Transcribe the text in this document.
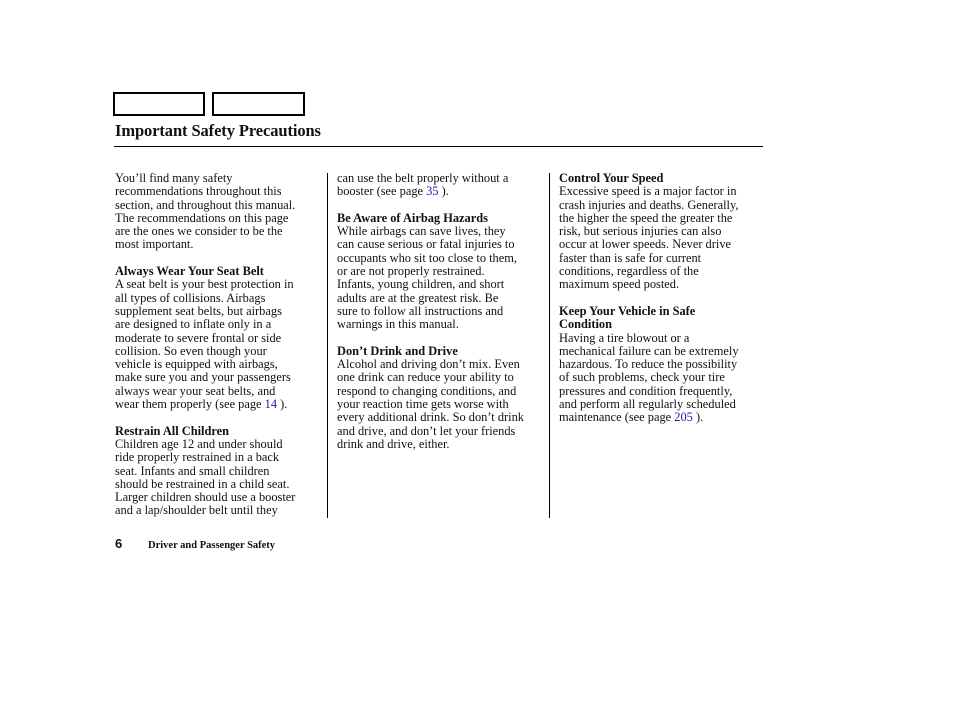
Important Safety Precautions
You’ll find many safety
recommendations throughout this
section, and throughout this manual.
The recommendations on this page
are the ones we consider to be the
most important.
Always Wear Your Seat Belt
A seat belt is your best protection in
all types of collisions. Airbags
supplement seat belts, but airbags
are designed to inflate only in a
moderate to severe frontal or side
collision. So even though your
vehicle is equipped with airbags,
make sure you and your passengers
always wear your seat belts, and
wear them properly (see page 14 ).
Restrain All Children
Children age 12 and under should
ride properly restrained in a back
seat. Infants and small children
should be restrained in a child seat.
Larger children should use a booster
and a lap/shoulder belt until they
can use the belt properly without a
booster (see page 35 ).
Be Aware of Airbag Hazards
While airbags can save lives, they
can cause serious or fatal injuries to
occupants who sit too close to them,
or are not properly restrained.
Infants, young children, and short
adults are at the greatest risk. Be
sure to follow all instructions and
warnings in this manual.
Don’t Drink and Drive
Alcohol and driving don’t mix. Even
one drink can reduce your ability to
respond to changing conditions, and
your reaction time gets worse with
every additional drink. So don’t drink
and drive, and don’t let your friends
drink and drive, either.
Control Your Speed
Excessive speed is a major factor in
crash injuries and deaths. Generally,
the higher the speed the greater the
risk, but serious injuries can also
occur at lower speeds. Never drive
faster than is safe for current
conditions, regardless of the
maximum speed posted.
Keep Your Vehicle in Safe
Condition
Having a tire blowout or a
mechanical failure can be extremely
hazardous. To reduce the possibility
of such problems, check your tire
pressures and condition frequently,
and perform all regularly scheduled
maintenance (see page 205 ).
6 Driver and Passenger Safety
